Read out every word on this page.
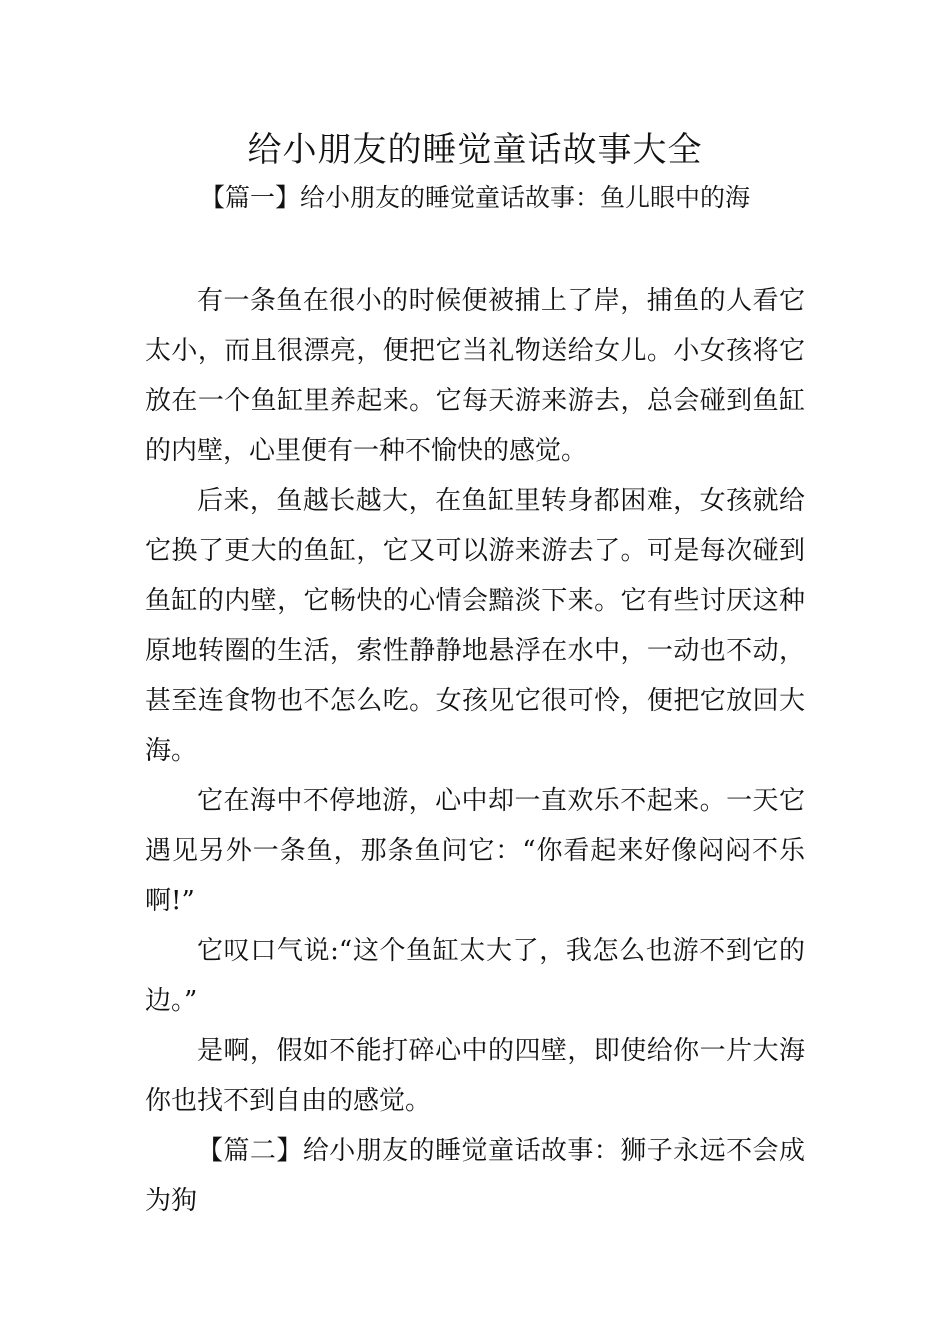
给小朋友的睡觉童话故事大全
【篇一】给小朋友的睡觉童话故事：鱼儿眼中的海

有一条鱼在很小的时候便被捕上了岸，捕鱼的人看它太小，而且很漂亮，便把它当礼物送给女儿。小女孩将它放在一个鱼缸里养起来。它每天游来游去，总会碰到鱼缸的内壁，心里便有一种不愉快的感觉。

后来，鱼越长越大，在鱼缸里转身都困难，女孩就给它换了更大的鱼缸，它又可以游来游去了。可是每次碰到鱼缸的内壁，它畅快的心情会黯淡下来。它有些讨厌这种原地转圈的生活，索性静静地悬浮在水中，一动也不动，甚至连食物也不怎么吃。女孩见它很可怜，便把它放回大海。

它在海中不停地游，心中却一直欢乐不起来。一天它遇见另外一条鱼，那条鱼问它：“你看起来好像闷闷不乐啊!”

它叹口气说:“这个鱼缸太大了，我怎么也游不到它的边。”

是啊，假如不能打碎心中的四壁，即使给你一片大海你也找不到自由的感觉。

【篇二】给小朋友的睡觉童话故事：狮子永远不会成为狗
